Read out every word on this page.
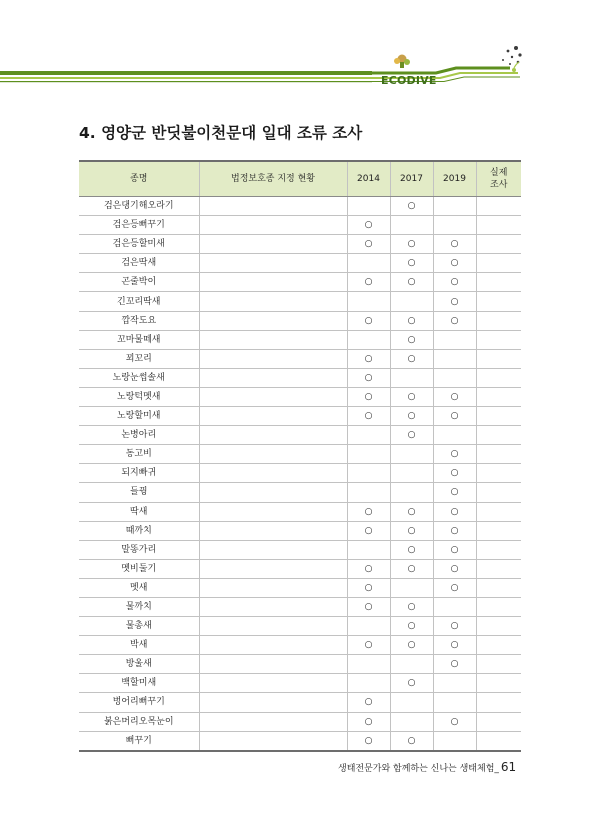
ECODIVE
4. 영양군 반딧불이천문대 일대 조류 조사
종명	법정보호종 지정 현황	2014	2017	2019	실제
조사
검은댕기해오라기			○		
검은등뻐꾸기		○			
검은등할미새		○	○	○	
검은딱새			○	○	
곤줄박이		○	○	○	
긴꼬리딱새				○	
깝작도요		○	○	○	
꼬마물떼새			○		
꾀꼬리		○	○		
노랑눈썹솔새		○			
노랑턱멧새		○	○	○	
노랑할미새		○	○	○	
논병아리			○		
동고비				○	
되지빠귀				○	
들꿩				○	
딱새		○	○	○	
때까치		○	○	○	
말똥가리			○	○	
멧비둘기		○	○	○	
멧새		○		○	
물까치		○	○		
물총새			○	○	
박새		○	○	○	
방울새				○	
백할미새			○		
벙어리뻐꾸기		○			
붉은머리오목눈이		○		○	
뻐꾸기		○	○		
생태전문가와 함께하는 신나는 생태체험_ 61
